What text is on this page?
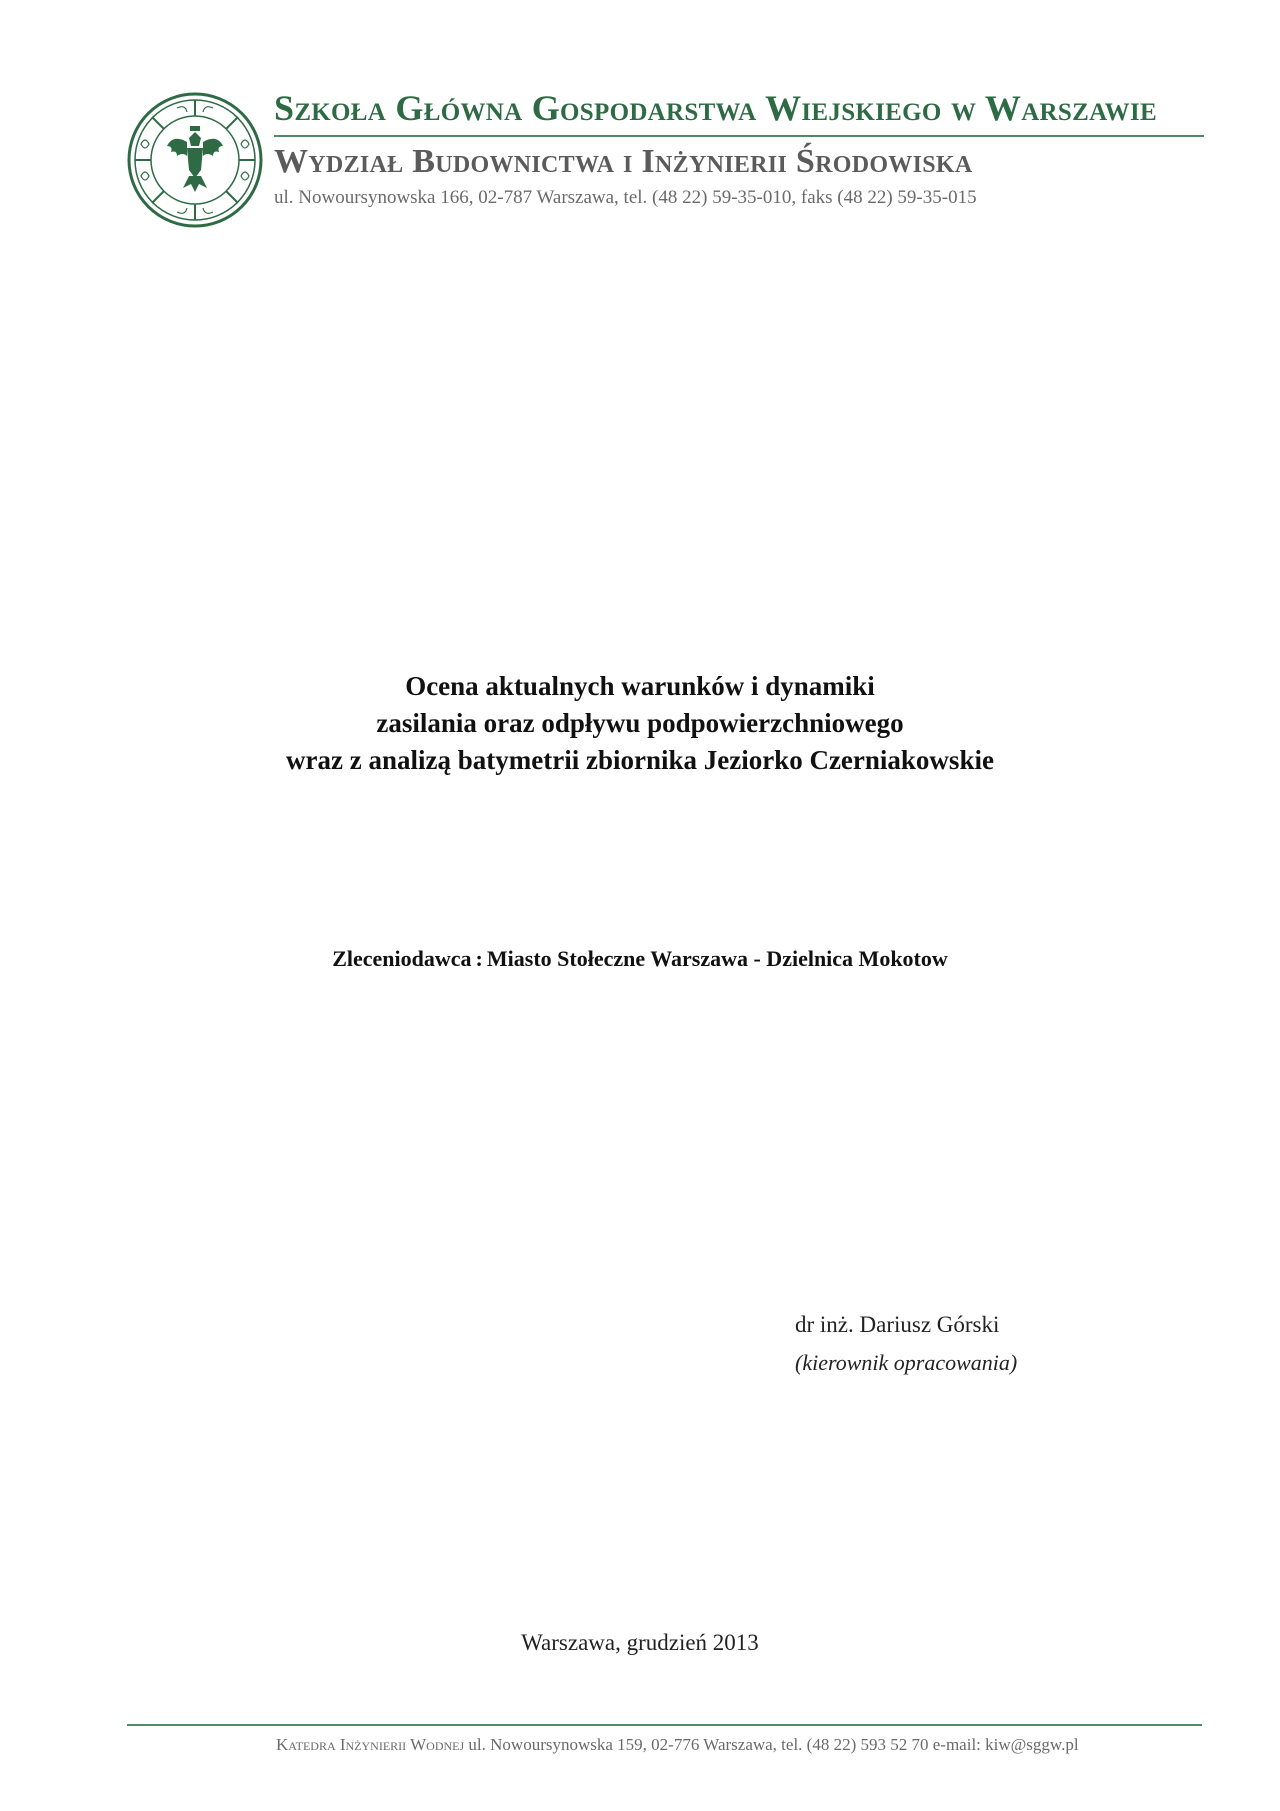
Szkoła Główna Gospodarstwa Wiejskiego w Warszawie
Wydział Budownictwa i Inżynierii Środowiska
ul. Nowoursynowska 166, 02-787 Warszawa, tel. (48 22) 59-35-010, faks (48 22) 59-35-015
Ocena aktualnych warunków i dynamiki
zasilania oraz odpływu podpowierzchniowego
wraz z analizą batymetrii zbiornika Jeziorko Czerniakowskie
Zleceniodawca : Miasto Stołeczne Warszawa - Dzielnica Mokotow
dr inż. Dariusz Górski
(kierownik opracowania)
Warszawa, grudzień 2013
Katedra Inżynierii Wodnej ul. Nowoursynowska 159, 02-776 Warszawa, tel. (48 22) 593 52 70 e-mail: kiw@sggw.pl
